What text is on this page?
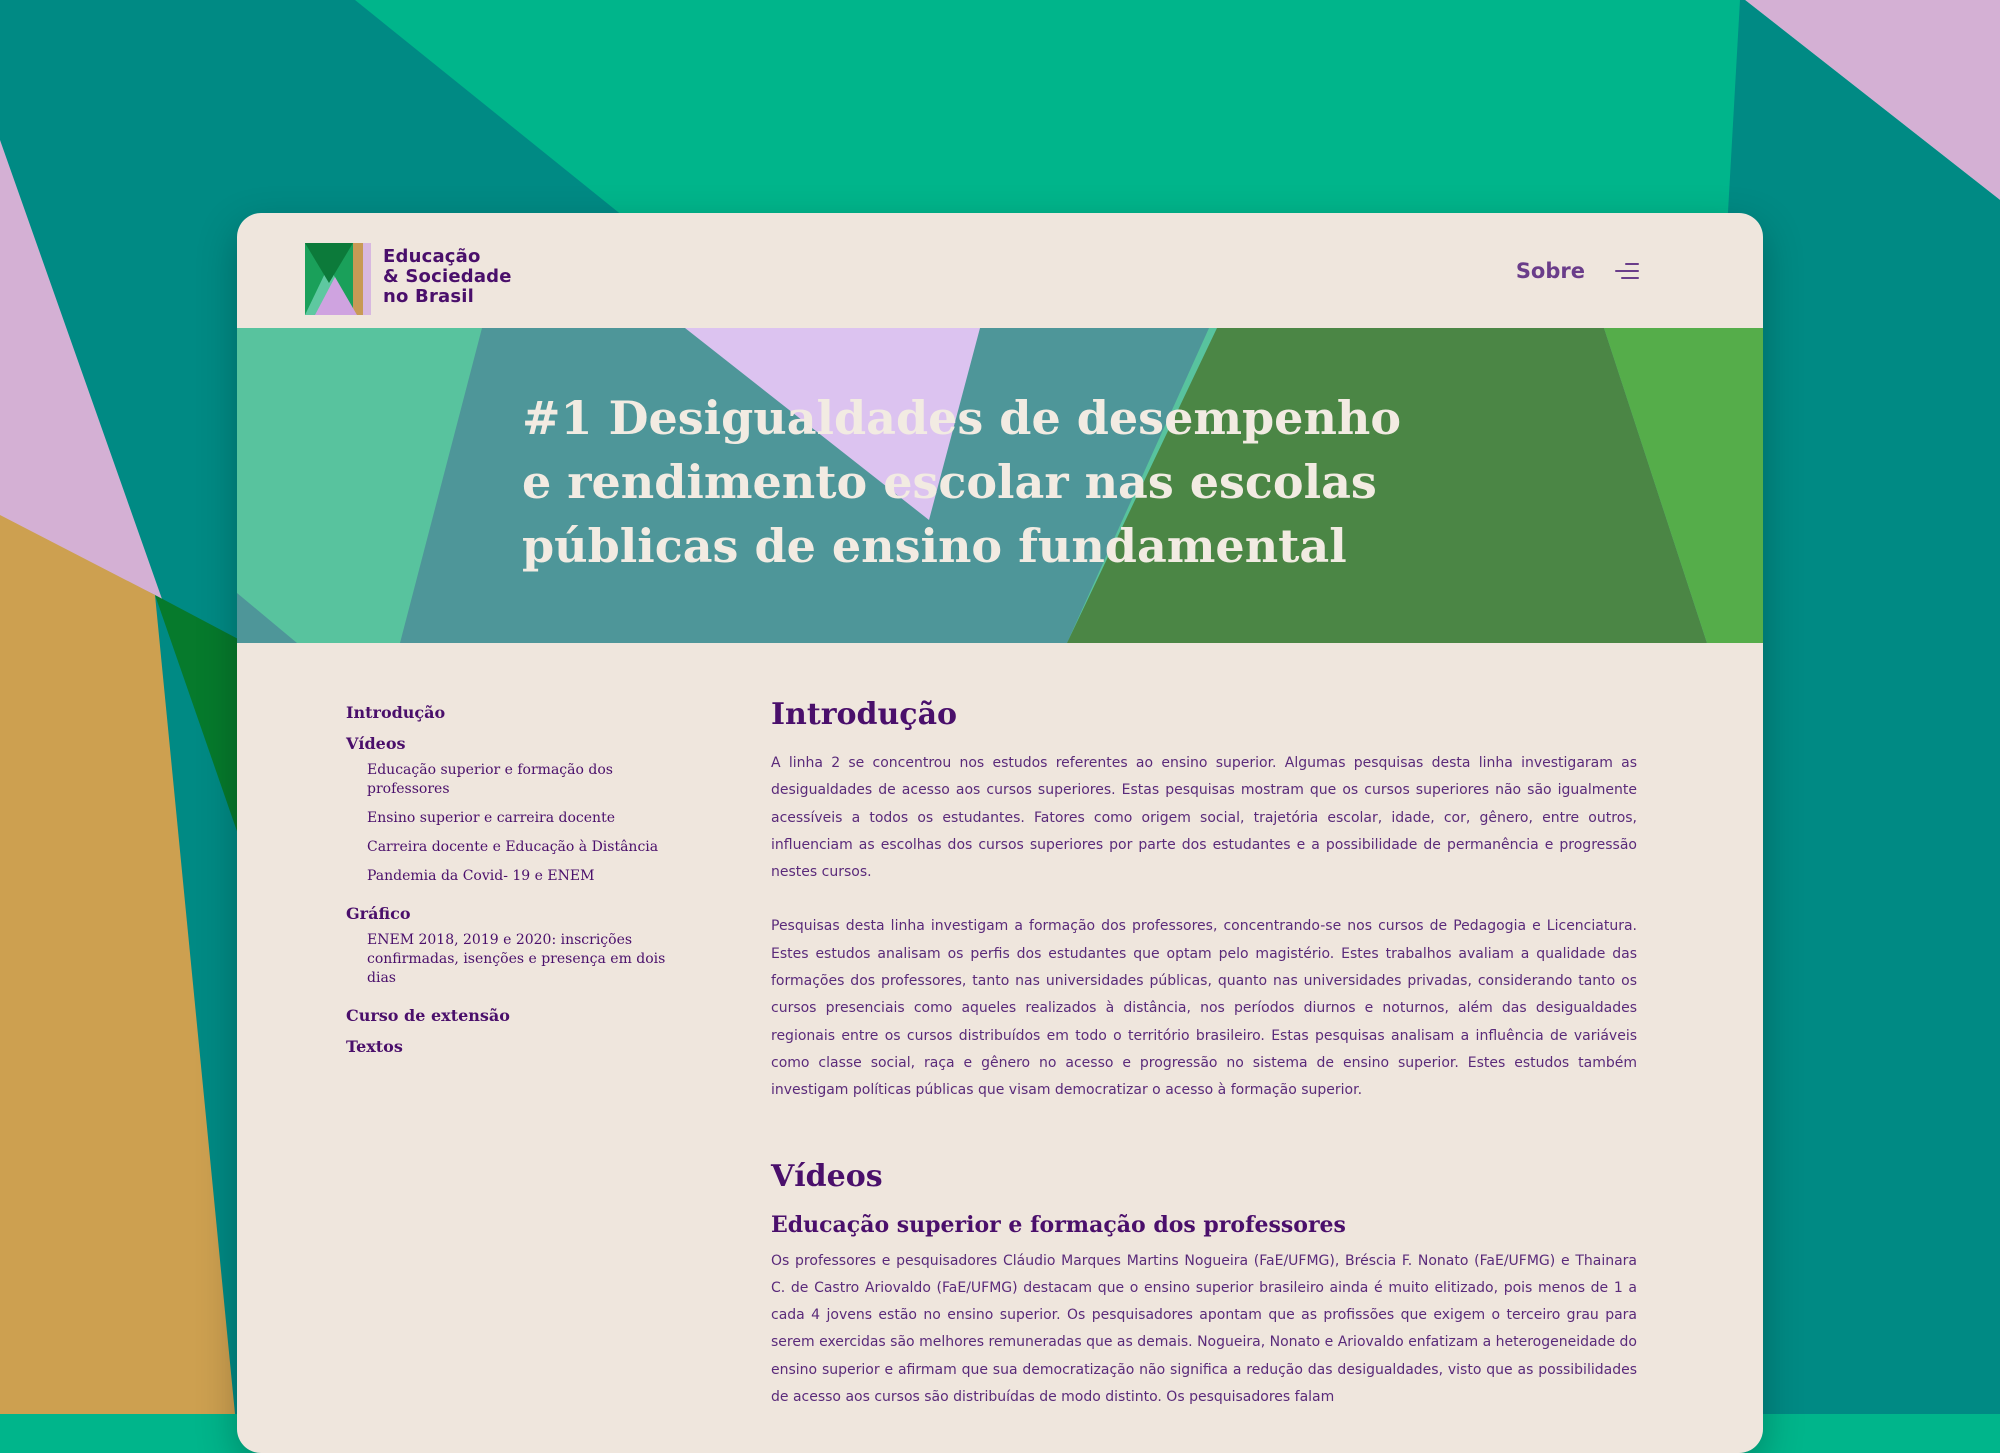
Educação
& Sociedade
no Brasil
Sobre
#1 Desigualdades de desempenho
e rendimento escolar nas escolas
públicas de ensino fundamental
Introdução
Vídeos
Educação superior e formação dos professores
Ensino superior e carreira docente
Carreira docente e Educação à Distância
Pandemia da Covid- 19 e ENEM
Gráfico
ENEM 2018, 2019 e 2020: inscrições confirmadas, isenções e presença em dois dias
Curso de extensão
Textos
Introdução

A linha 2 se concentrou nos estudos referentes ao ensino superior. Algumas pesquisas desta linha investigaram as desigualdades de acesso aos cursos superiores. Estas pesquisas mostram que os cursos superiores não são igualmente acessíveis a todos os estudantes. Fatores como origem social, trajetória escolar, idade, cor, gênero, entre outros, influenciam as escolhas dos cursos superiores por parte dos estudantes e a possibilidade de permanência e progressão nestes cursos.

Pesquisas desta linha investigam a formação dos professores, concentrando-se nos cursos de Pedagogia e Licenciatura. Estes estudos analisam os perfis dos estudantes que optam pelo magistério. Estes trabalhos avaliam a qualidade das formações dos professores, tanto nas universidades públicas, quanto nas universidades privadas, considerando tanto os cursos presenciais como aqueles realizados à distância, nos períodos diurnos e noturnos, além das desigualdades regionais entre os cursos distribuídos em todo o território brasileiro. Estas pesquisas analisam a influência de variáveis como classe social, raça e gênero no acesso e progressão no sistema de ensino superior. Estes estudos também investigam políticas públicas que visam democratizar o acesso à formação superior.

Vídeos
Educação superior e formação dos professores

Os professores e pesquisadores Cláudio Marques Martins Nogueira (FaE/UFMG), Bréscia F. Nonato (FaE/UFMG) e Thainara C. de Castro Ariovaldo (FaE/UFMG) destacam que o ensino superior brasileiro ainda é muito elitizado, pois menos de 1 a cada 4 jovens estão no ensino superior. Os pesquisadores apontam que as profissões que exigem o terceiro grau para serem exercidas são melhores remuneradas que as demais. Nogueira, Nonato e Ariovaldo enfatizam a heterogeneidade do ensino superior e afirmam que sua democratização não significa a redução das desigualdades, visto que as possibilidades de acesso aos cursos são distribuídas de modo distinto. Os pesquisadores falam
